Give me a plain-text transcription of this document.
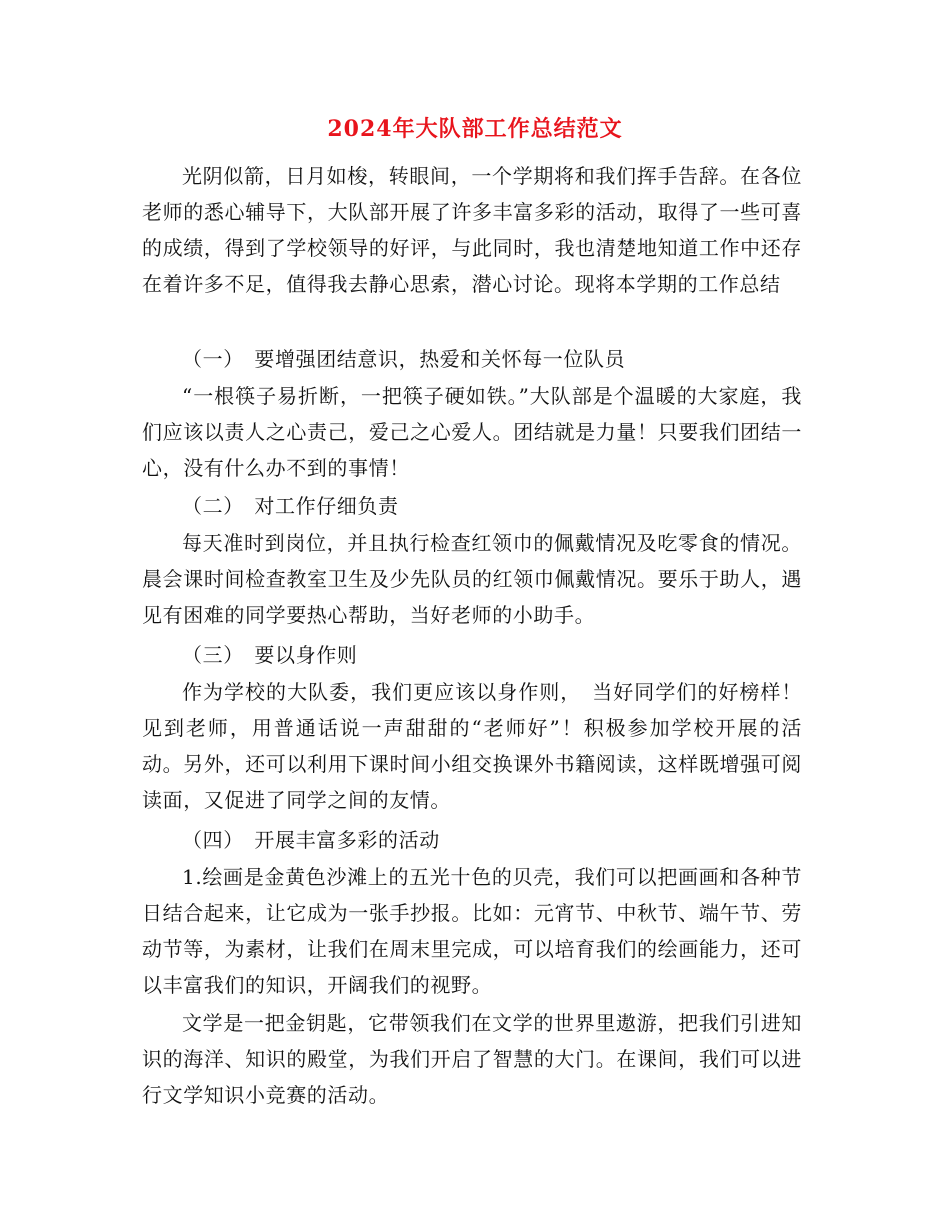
2024年大队部工作总结范文

光阴似箭，日月如梭，转眼间，一个学期将和我们挥手告辞。在各位老师的悉心辅导下，大队部开展了许多丰富多彩的活动，取得了一些可喜的成绩，得到了学校领导的好评，与此同时，我也清楚地知道工作中还存在着许多不足，值得我去静心思索，潜心讨论。现将本学期的工作总结

（一）　要增强团结意识，热爱和关怀每一位队员

“一根筷子易折断，一把筷子硬如铁。”大队部是个温暖的大家庭，我们应该以责人之心责己，爱己之心爱人。团结就是力量！只要我们团结一心，没有什么办不到的事情！

（二）　对工作仔细负责

每天准时到岗位，并且执行检查红领巾的佩戴情况及吃零食的情况。晨会课时间检查教室卫生及少先队员的红领巾佩戴情况。要乐于助人，遇见有困难的同学要热心帮助，当好老师的小助手。

（三）　要以身作则

作为学校的大队委，我们更应该以身作则，　当好同学们的好榜样！见到老师，用普通话说一声甜甜的“老师好”！积极参加学校开展的活动。另外，还可以利用下课时间小组交换课外书籍阅读，这样既增强可阅读面，又促进了同学之间的友情。

（四）　开展丰富多彩的活动

1.绘画是金黄色沙滩上的五光十色的贝壳，我们可以把画画和各种节日结合起来，让它成为一张手抄报。比如：元宵节、中秋节、端午节、劳动节等，为素材，让我们在周末里完成，可以培育我们的绘画能力，还可以丰富我们的知识，开阔我们的视野。

文学是一把金钥匙，它带领我们在文学的世界里遨游，把我们引进知识的海洋、知识的殿堂，为我们开启了智慧的大门。在课间，我们可以进行文学知识小竞赛的活动。
